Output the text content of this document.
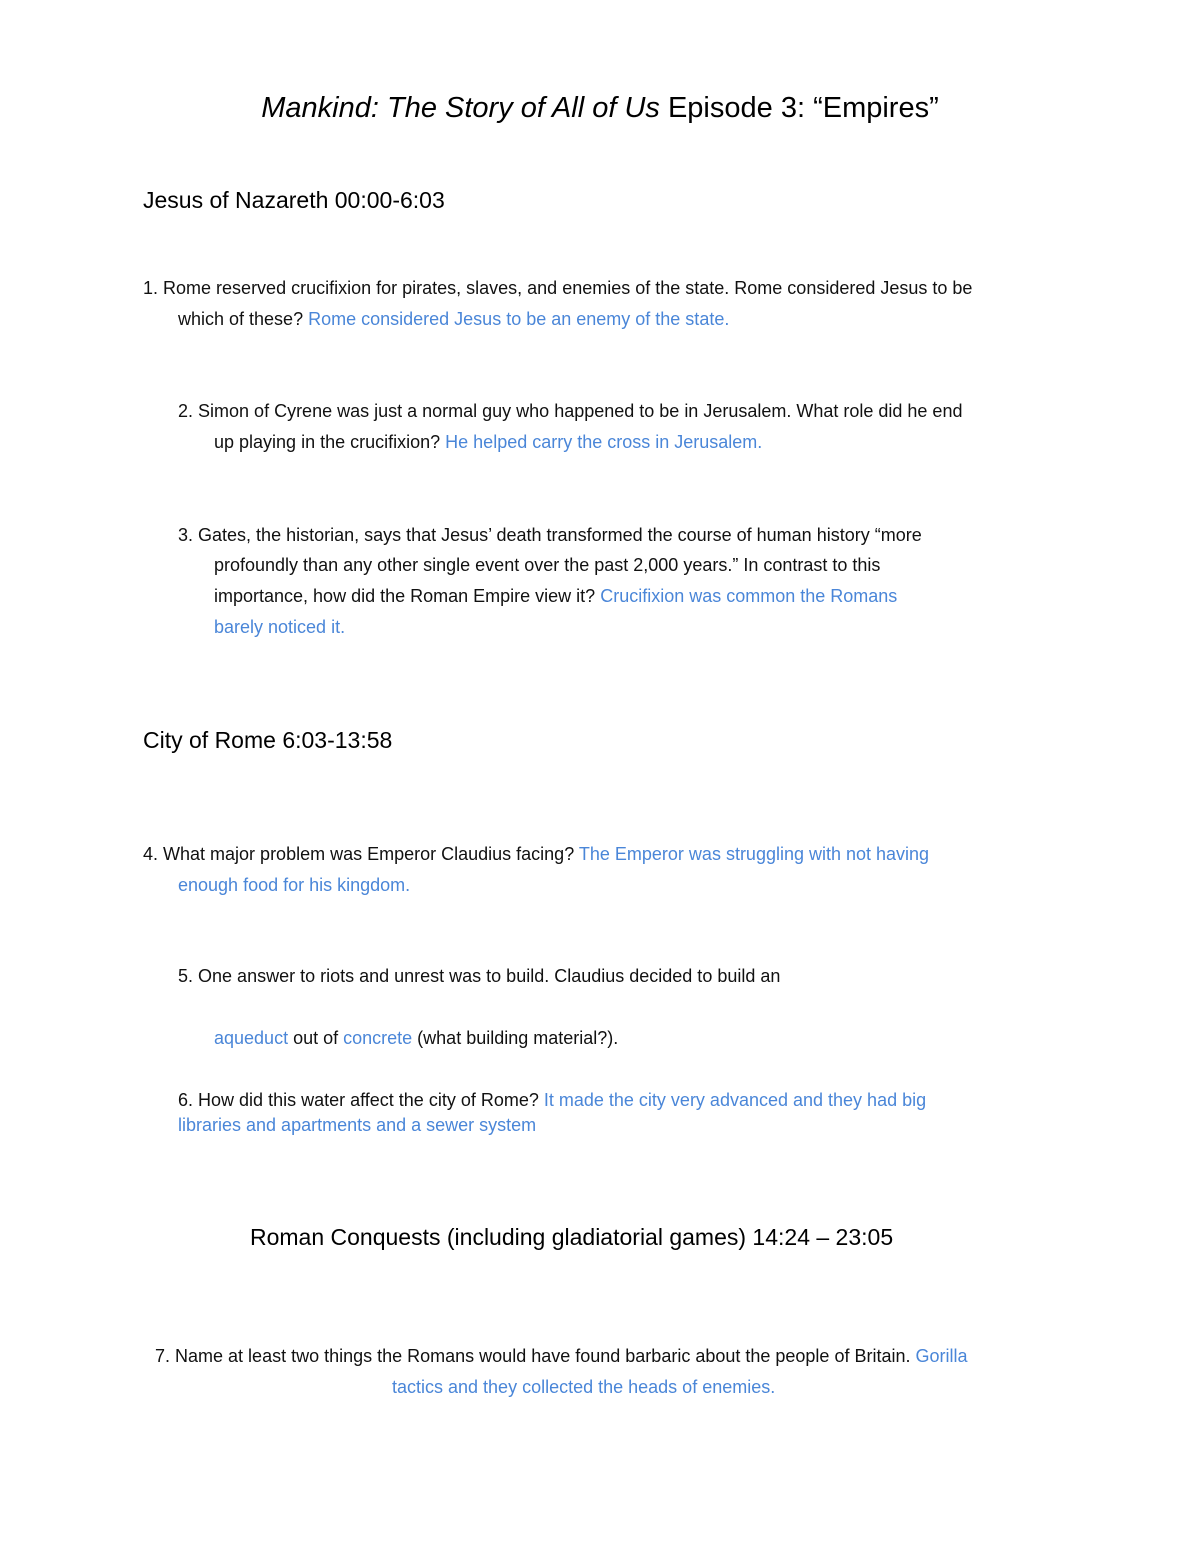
Mankind: The Story of All of Us Episode 3: “Empires”
Jesus of Nazareth 00:00-6:03
1. Rome reserved crucifixion for pirates, slaves, and enemies of the state. Rome considered Jesus to be
which of these? Rome considered Jesus to be an enemy of the state.
2. Simon of Cyrene was just a normal guy who happened to be in Jerusalem. What role did he end
up playing in the crucifixion? He helped carry the cross in Jerusalem.
3. Gates, the historian, says that Jesus’ death transformed the course of human history “more
profoundly than any other single event over the past 2,000 years.” In contrast to this
importance, how did the Roman Empire view it? Crucifixion was common the Romans
barely noticed it.
City of Rome 6:03-13:58
4. What major problem was Emperor Claudius facing? The Emperor was struggling with not having
enough food for his kingdom.
5. One answer to riots and unrest was to build. Claudius decided to build an
aqueduct out of concrete (what building material?).
6. How did this water affect the city of Rome? It made the city very advanced and they had big
libraries and apartments and a sewer system
Roman Conquests (including gladiatorial games) 14:24 – 23:05
7. Name at least two things the Romans would have found barbaric about the people of Britain. Gorilla
tactics and they collected the heads of enemies.
